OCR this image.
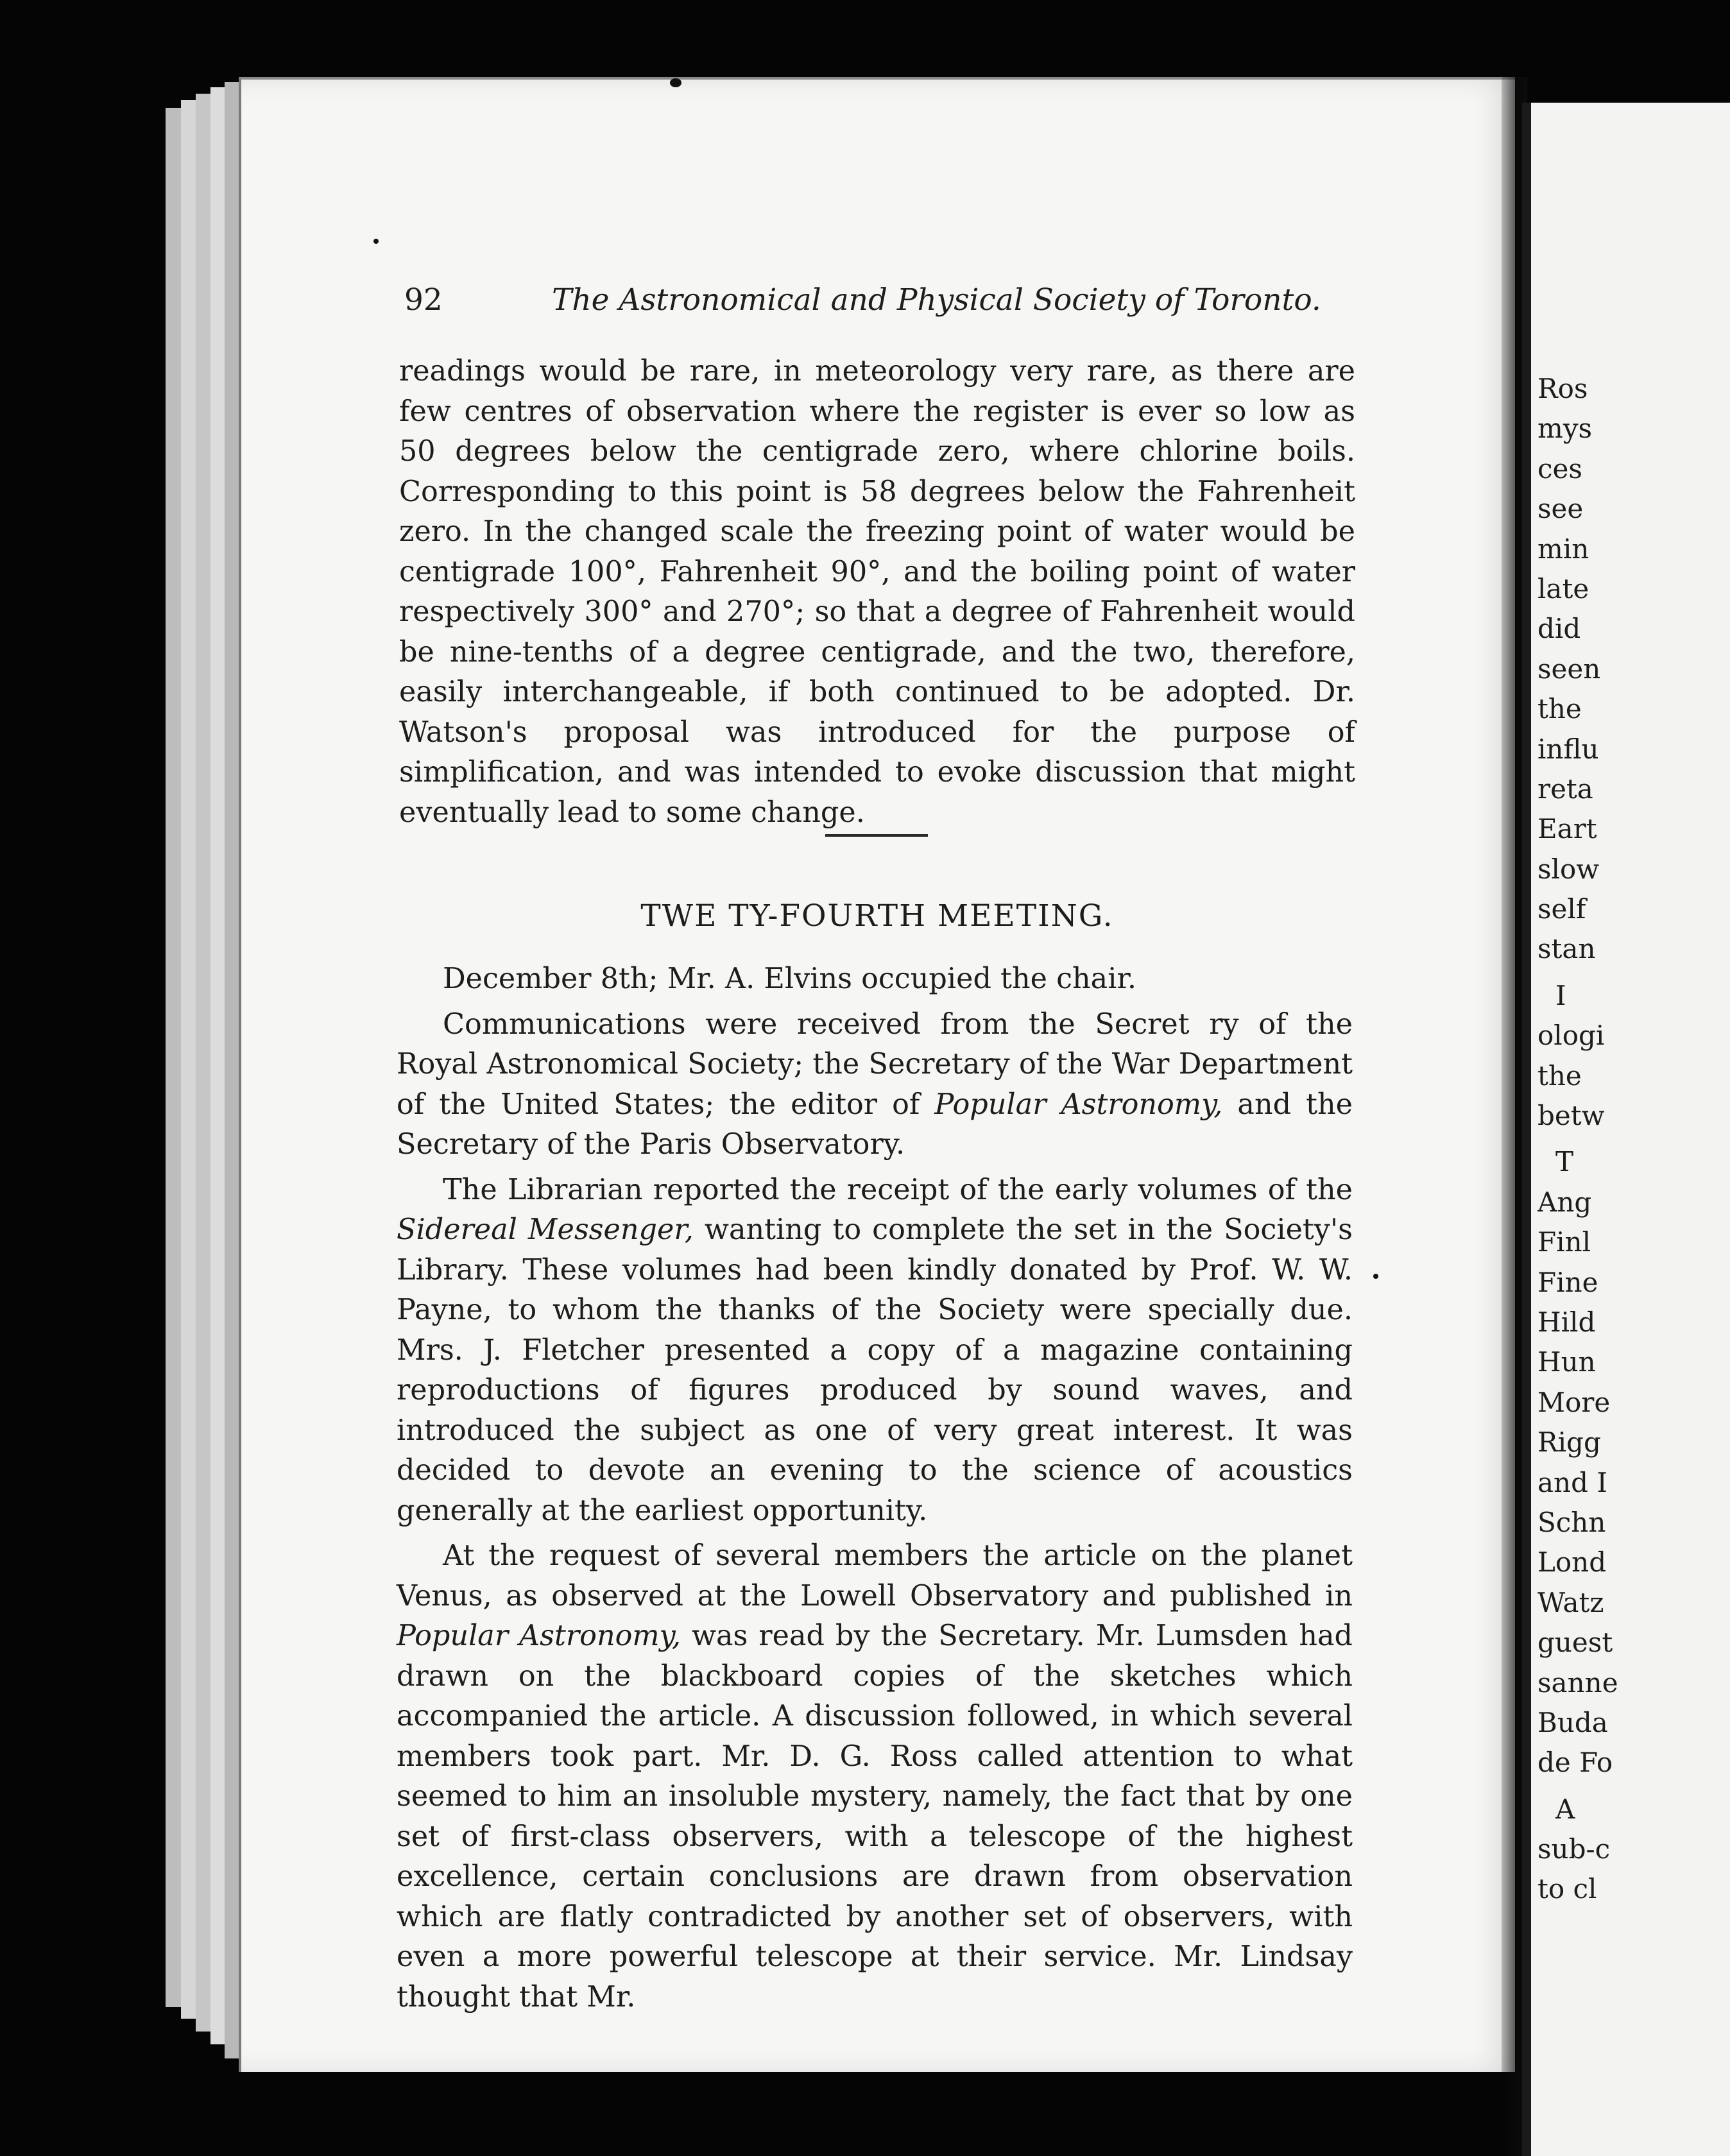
92	The Astronomical and Physical Society of Toronto.

readings would be rare, in meteorology very rare, as there are few centres of observation where the register is ever so low as 50 degrees below the centigrade zero, where chlorine boils. Corresponding to this point is 58 degrees below the Fahrenheit zero. In the changed scale the freezing point of water would be centigrade 100°, Fahrenheit 90°, and the boiling point of water respectively 300° and 270°; so that a degree of Fahrenheit would be nine-tenths of a degree centigrade, and the two, therefore, easily interchangeable, if both continued to be adopted. Dr. Watson's proposal was introduced for the purpose of simplification, and was intended to evoke discussion that might eventually lead to some change.

TWE TY-FOURTH MEETING.

December 8th; Mr. A. Elvins occupied the chair.

Communications were received from the Secret ry of the Royal Astronomical Society; the Secretary of the War Department of the United States; the editor of Popular Astronomy, and the Secretary of the Paris Observatory.

The Librarian reported the receipt of the early volumes of the Sidereal Messenger, wanting to complete the set in the Society's Library. These volumes had been kindly donated by Prof. W. W. Payne, to whom the thanks of the Society were specially due. Mrs. J. Fletcher presented a copy of a magazine containing reproductions of figures produced by sound waves, and introduced the subject as one of very great interest. It was decided to devote an evening to the science of acoustics generally at the earliest opportunity.

At the request of several members the article on the planet Venus, as observed at the Lowell Observatory and published in Popular Astronomy, was read by the Secretary. Mr. Lumsden had drawn on the blackboard copies of the sketches which accompanied the article. A discussion followed, in which several members took part. Mr. D. G. Ross called attention to what seemed to him an insoluble mystery, namely, the fact that by one set of first-class observers, with a telescope of the highest excellence, certain conclusions are drawn from observation which are flatly contradicted by another set of observers, with even a more powerful telescope at their service. Mr. Lindsay thought that Mr.

Ros
mys
ces
see
min
late
did
seen
the
influ
reta
Eart
slow
self
stan
I
ologi
the
betw
T
Ang
Finl
Fine
Hild
Hun
More
Rigg
and I
Schn
Lond
Watz
guest
sanne
Buda
de Fo
A
sub-c
to cl
